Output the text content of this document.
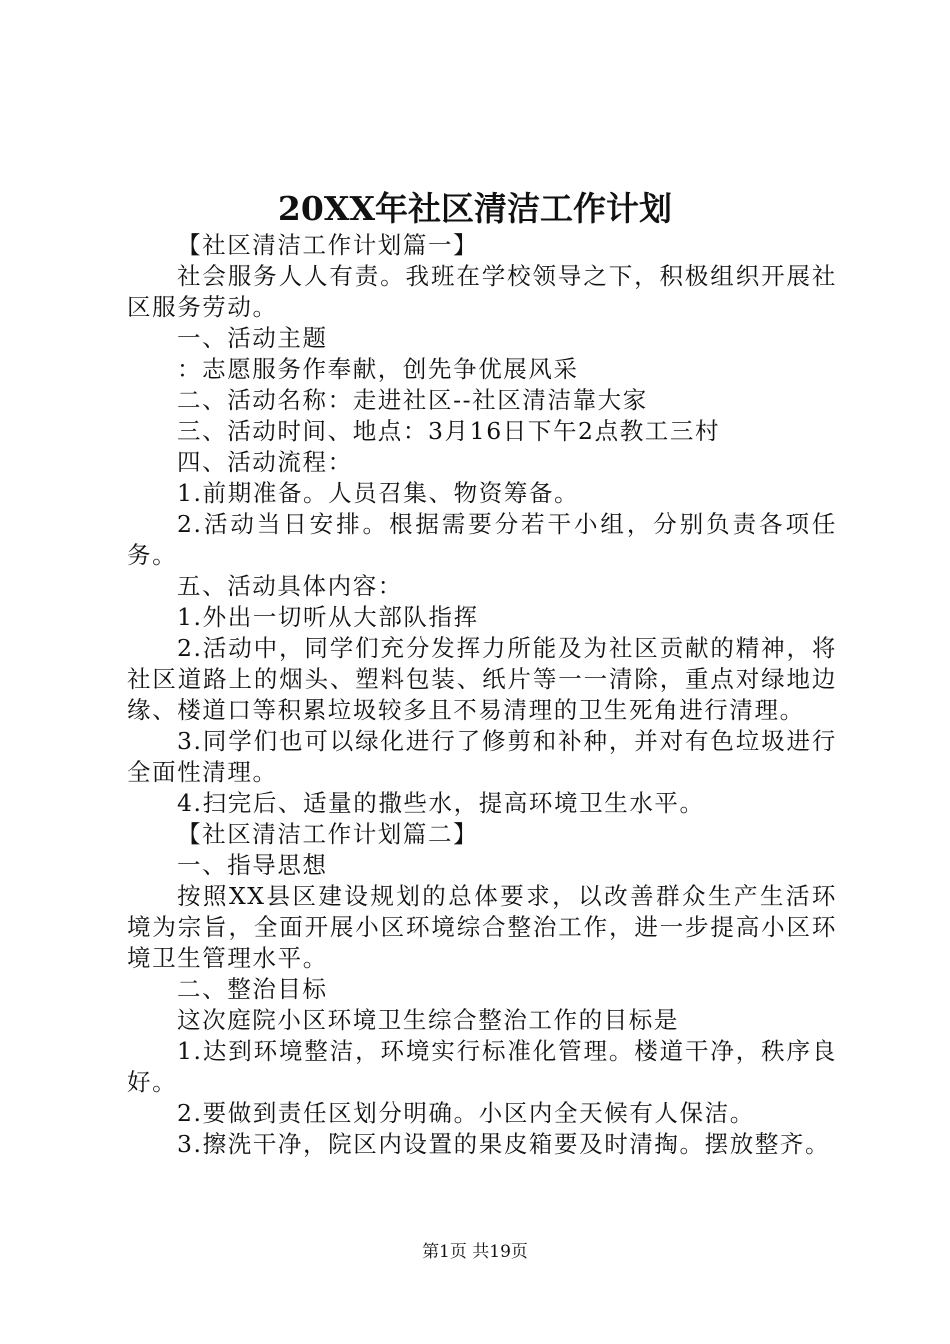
20XX年社区清洁工作计划

【社区清洁工作计划篇一】

社会服务人人有责。我班在学校领导之下，积极组织开展社区服务劳动。

一、活动主题

：志愿服务作奉献，创先争优展风采

二、活动名称：走进社区--社区清洁靠大家

三、活动时间、地点：3月16日下午2点教工三村

四、活动流程：

1.前期准备。人员召集、物资筹备。

2.活动当日安排。根据需要分若干小组，分别负责各项任务。

五、活动具体内容：

1.外出一切听从大部队指挥

2.活动中，同学们充分发挥力所能及为社区贡献的精神，将社区道路上的烟头、塑料包装、纸片等一一清除，重点对绿地边缘、楼道口等积累垃圾较多且不易清理的卫生死角进行清理。

3.同学们也可以绿化进行了修剪和补种，并对有色垃圾进行全面性清理。

4.扫完后、适量的撒些水，提高环境卫生水平。

【社区清洁工作计划篇二】

一、指导思想

按照XX县区建设规划的总体要求，以改善群众生产生活环境为宗旨，全面开展小区环境综合整治工作，进一步提高小区环境卫生管理水平。

二、整治目标

这次庭院小区环境卫生综合整治工作的目标是

1.达到环境整洁，环境实行标准化管理。楼道干净，秩序良好。

2.要做到责任区划分明确。小区内全天候有人保洁。

3.擦洗干净，院区内设置的果皮箱要及时清掏。摆放整齐。

第1页 共19页
